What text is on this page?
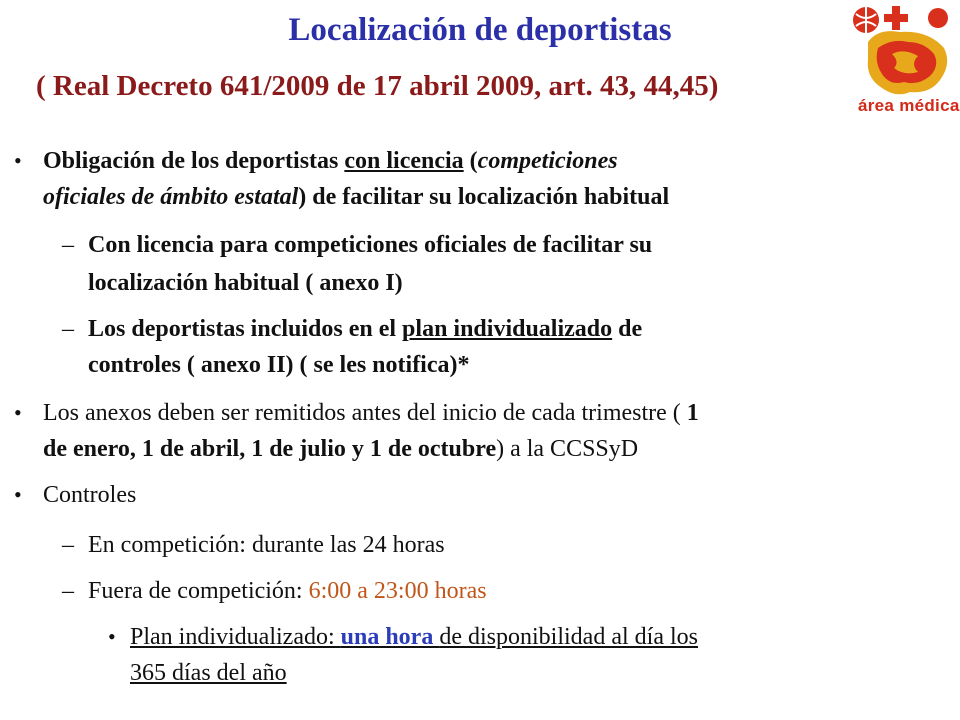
Localización de deportistas
( Real Decreto 641/2009 de 17 abril 2009, art. 43, 44,45)
área médica
• Obligación de los deportistas con licencia (competiciones
oficiales de ámbito estatal) de facilitar su localización habitual
– Con licencia para competiciones oficiales de facilitar su
localización habitual ( anexo I)
– Los deportistas incluidos en el plan individualizado de
controles ( anexo II) ( se les notifica)*
• Los anexos deben ser remitidos antes del inicio de cada trimestre ( 1
de enero, 1 de abril, 1 de julio y 1 de octubre) a la CCSSyD
• Controles
– En competición: durante las 24 horas
– Fuera de competición: 6:00 a 23:00 horas
• Plan individualizado: una hora de disponibilidad al día los
365 días del año
